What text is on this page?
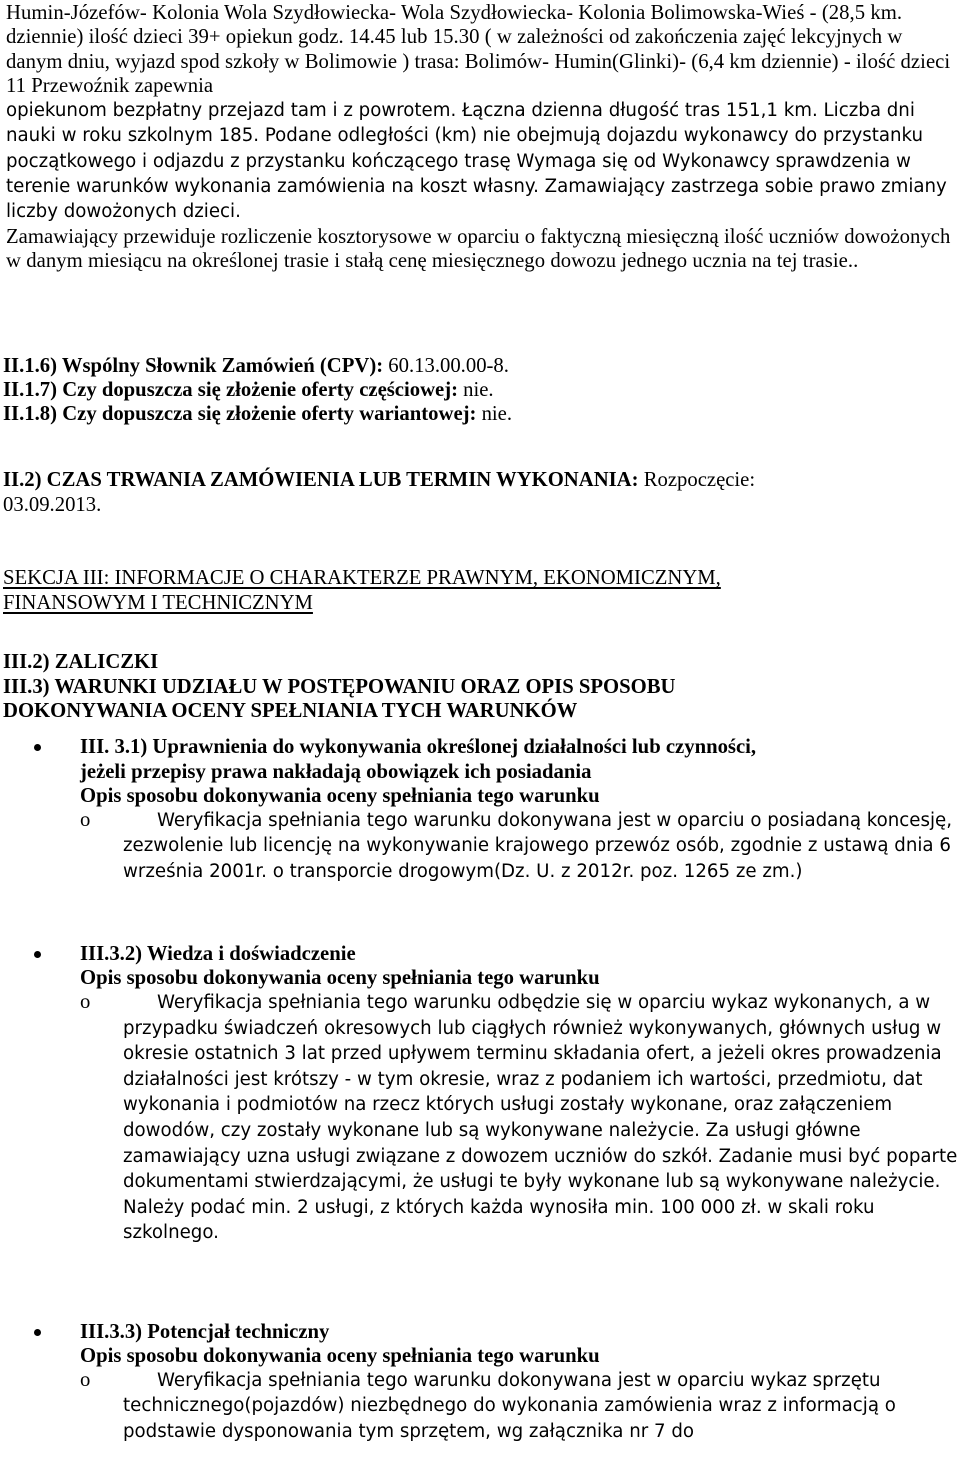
Humin-Józefów- Kolonia Wola Szydłowiecka- Wola Szydłowiecka- Kolonia Bolimowska-Wieś - (28,5 km. dziennie) ilość dzieci 39+ opiekun godz. 14.45 lub 15.30 ( w zależności od zakończenia zajęć lekcyjnych w danym dniu, wyjazd spod szkoły w Bolimowie ) trasa: Bolimów- Humin(Glinki)- (6,4 km dziennie) - ilość dzieci 11 Przewoźnik zapewnia
opiekunom bezpłatny przejazd tam i z powrotem. Łączna dzienna długość tras 151,1 km. Liczba dni nauki w roku szkolnym 185. Podane odległości (km) nie obejmują dojazdu wykonawcy do przystanku początkowego i odjazdu z przystanku kończącego trasę Wymaga się od Wykonawcy sprawdzenia w terenie warunków wykonania zamówienia na koszt własny. Zamawiający zastrzega sobie prawo zmiany liczby dowożonych dzieci.
Zamawiający przewiduje rozliczenie kosztorysowe w oparciu o faktyczną miesięczną ilość uczniów dowożonych w danym miesiącu na określonej trasie i stałą cenę miesięcznego dowozu jednego ucznia na tej trasie..
II.1.6) Wspólny Słownik Zamówień (CPV): 60.13.00.00-8.
II.1.7) Czy dopuszcza się złożenie oferty częściowej: nie.
II.1.8) Czy dopuszcza się złożenie oferty wariantowej: nie.
II.2) CZAS TRWANIA ZAMÓWIENIA LUB TERMIN WYKONANIA: Rozpoczęcie:
03.09.2013.
SEKCJA III: INFORMACJE O CHARAKTERZE PRAWNYM, EKONOMICZNYM,
FINANSOWYM I TECHNICZNYM
III.2) ZALICZKI
III.3) WARUNKI UDZIAŁU W POSTĘPOWANIU ORAZ OPIS SPOSOBU
DOKONYWANIA OCENY SPEŁNIANIA TYCH WARUNKÓW
III. 3.1) Uprawnienia do wykonywania określonej działalności lub czynności,
jeżeli przepisy prawa nakładają obowiązek ich posiadania
Opis sposobu dokonywania oceny spełniania tego warunku
o	Weryfikacja spełniania tego warunku dokonywana jest w oparciu o posiadaną koncesję, zezwolenie lub licencję na wykonywanie krajowego przewóz osób, zgodnie z ustawą dnia 6 września 2001r. o transporcie drogowym(Dz. U. z 2012r. poz. 1265 ze zm.)
III.3.2) Wiedza i doświadczenie
Opis sposobu dokonywania oceny spełniania tego warunku
o	Weryfikacja spełniania tego warunku odbędzie się w oparciu wykaz wykonanych, a w przypadku świadczeń okresowych lub ciągłych również wykonywanych, głównych usług w okresie ostatnich 3 lat przed upływem terminu składania ofert, a jeżeli okres prowadzenia działalności jest krótszy - w tym okresie, wraz z podaniem ich wartości, przedmiotu, dat wykonania i podmiotów na rzecz których usługi zostały wykonane, oraz załączeniem dowodów, czy zostały wykonane lub są wykonywane należycie. Za usługi główne zamawiający uzna usługi związane z dowozem uczniów do szkół. Zadanie musi być poparte dokumentami stwierdzającymi, że usługi te były wykonane lub są wykonywane należycie. Należy podać min. 2 usługi, z których każda wynosiła min. 100 000 zł. w skali roku szkolnego.
III.3.3) Potencjał techniczny
Opis sposobu dokonywania oceny spełniania tego warunku
o	Weryfikacja spełniania tego warunku dokonywana jest w oparciu wykaz sprzętu technicznego(pojazdów) niezbędnego do wykonania zamówienia wraz z informacją o podstawie dysponowania tym sprzętem, wg załącznika nr 7 do
